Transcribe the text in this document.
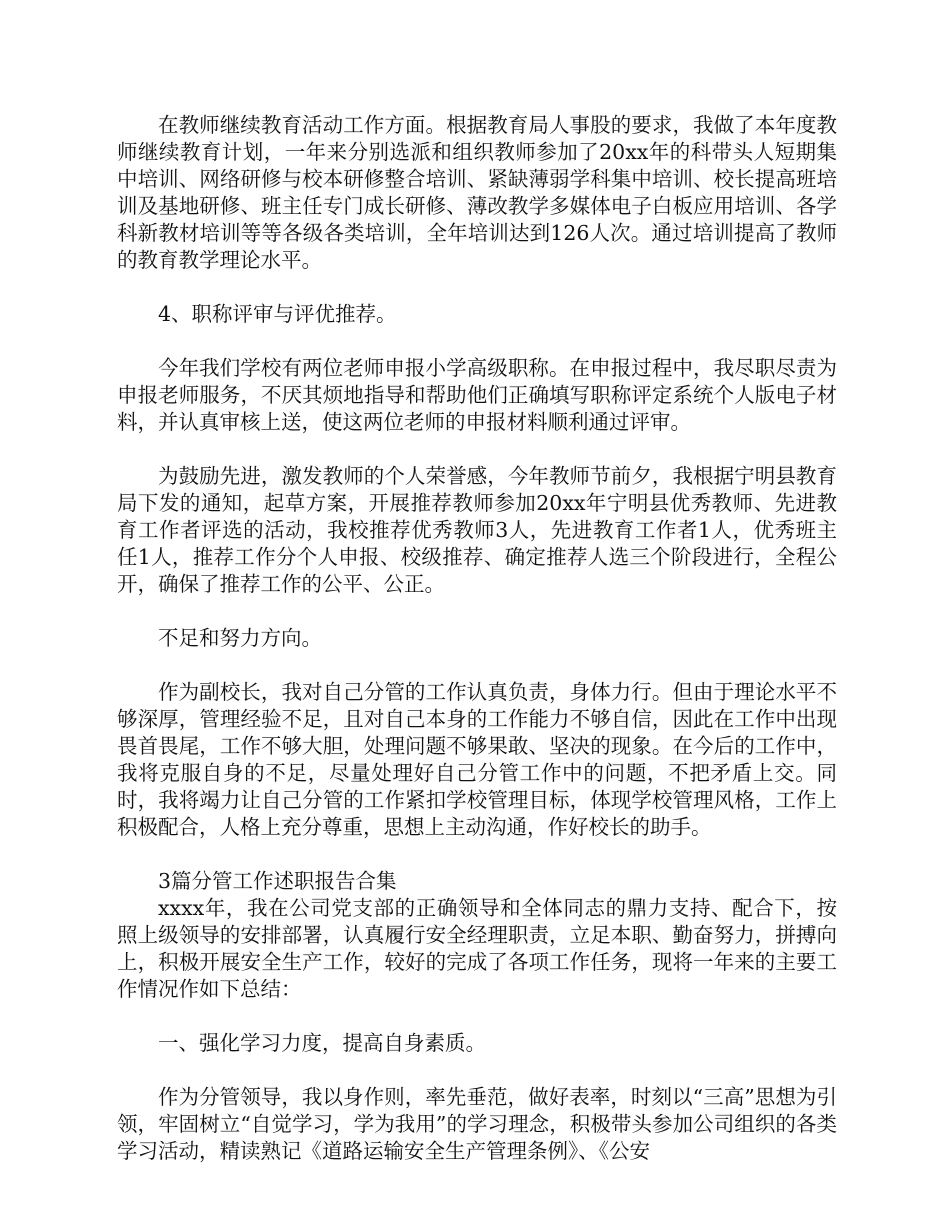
在教师继续教育活动工作方面。根据教育局人事股的要求，我做了本年度教师继续教育计划，一年来分别选派和组织教师参加了20xx年的科带头人短期集中培训、网络研修与校本研修整合培训、紧缺薄弱学科集中培训、校长提高班培训及基地研修、班主任专门成长研修、薄改教学多媒体电子白板应用培训、各学科新教材培训等等各级各类培训，全年培训达到126人次。通过培训提高了教师的教育教学理论水平。

4、职称评审与评优推荐。

今年我们学校有两位老师申报小学高级职称。在申报过程中，我尽职尽责为申报老师服务，不厌其烦地指导和帮助他们正确填写职称评定系统个人版电子材料，并认真审核上送，使这两位老师的申报材料顺利通过评审。

为鼓励先进，激发教师的个人荣誉感，今年教师节前夕，我根据宁明县教育局下发的通知，起草方案，开展推荐教师参加20xx年宁明县优秀教师、先进教育工作者评选的活动，我校推荐优秀教师3人，先进教育工作者1人，优秀班主任1人，推荐工作分个人申报、校级推荐、确定推荐人选三个阶段进行，全程公开，确保了推荐工作的公平、公正。

不足和努力方向。

作为副校长，我对自己分管的工作认真负责，身体力行。但由于理论水平不够深厚，管理经验不足，且对自己本身的工作能力不够自信，因此在工作中出现畏首畏尾，工作不够大胆，处理问题不够果敢、坚决的现象。在今后的工作中，我将克服自身的不足，尽量处理好自己分管工作中的问题，不把矛盾上交。同时，我将竭力让自己分管的工作紧扣学校管理目标，体现学校管理风格，工作上积极配合，人格上充分尊重，思想上主动沟通，作好校长的助手。

3篇分管工作述职报告合集

xxxx年，我在公司党支部的正确领导和全体同志的鼎力支持、配合下，按照上级领导的安排部署，认真履行安全经理职责，立足本职、勤奋努力，拼搏向上，积极开展安全生产工作，较好的完成了各项工作任务，现将一年来的主要工作情况作如下总结：

一、强化学习力度，提高自身素质。

作为分管领导，我以身作则，率先垂范，做好表率，时刻以“三高”思想为引领，牢固树立“自觉学习，学为我用”的学习理念，积极带头参加公司组织的各类学习活动，精读熟记《道路运输安全生产管理条例》、《公安
